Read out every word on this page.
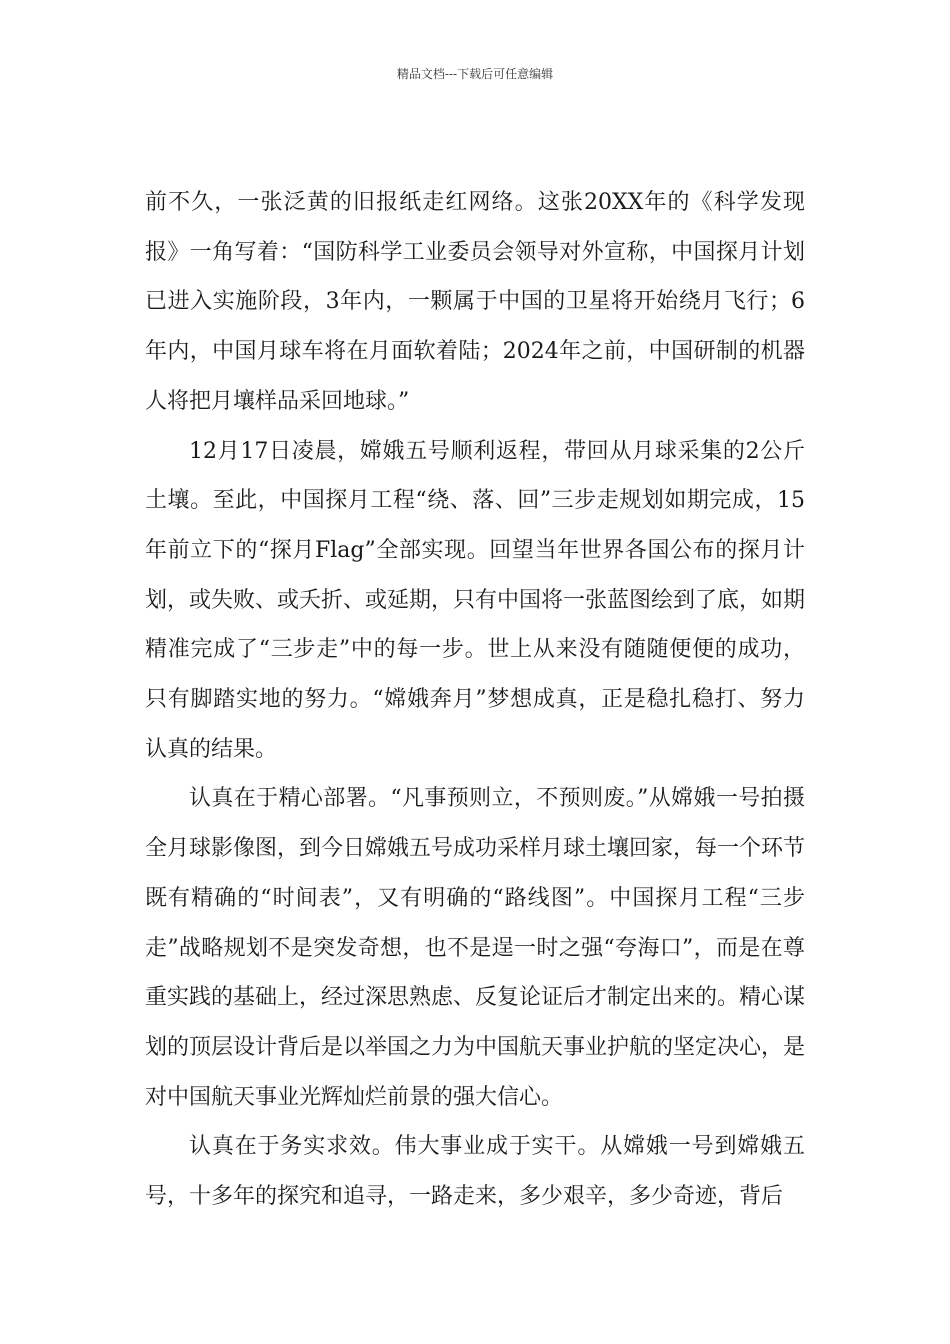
精品文档---下载后可任意编辑

前不久，一张泛黄的旧报纸走红网络。这张20XX年的《科学发现报》一角写着：“国防科学工业委员会领导对外宣称，中国探月计划已进入实施阶段，3年内，一颗属于中国的卫星将开始绕月飞行；6年内，中国月球车将在月面软着陆；2024年之前，中国研制的机器人将把月壤样品采回地球。”

12月17日凌晨，嫦娥五号顺利返程，带回从月球采集的2公斤土壤。至此，中国探月工程“绕、落、回”三步走规划如期完成，15年前立下的“探月Flag”全部实现。回望当年世界各国公布的探月计划，或失败、或夭折、或延期，只有中国将一张蓝图绘到了底，如期精准完成了“三步走”中的每一步。世上从来没有随随便便的成功，只有脚踏实地的努力。“嫦娥奔月”梦想成真，正是稳扎稳打、努力认真的结果。

认真在于精心部署。“凡事预则立，不预则废。”从嫦娥一号拍摄全月球影像图，到今日嫦娥五号成功采样月球土壤回家，每一个环节既有精确的“时间表”，又有明确的“路线图”。中国探月工程“三步走”战略规划不是突发奇想，也不是逞一时之强“夸海口”，而是在尊重实践的基础上，经过深思熟虑、反复论证后才制定出来的。精心谋划的顶层设计背后是以举国之力为中国航天事业护航的坚定决心，是对中国航天事业光辉灿烂前景的强大信心。

认真在于务实求效。伟大事业成于实干。从嫦娥一号到嫦娥五号，十多年的探究和追寻，一路走来，多少艰辛，多少奇迹，背后
